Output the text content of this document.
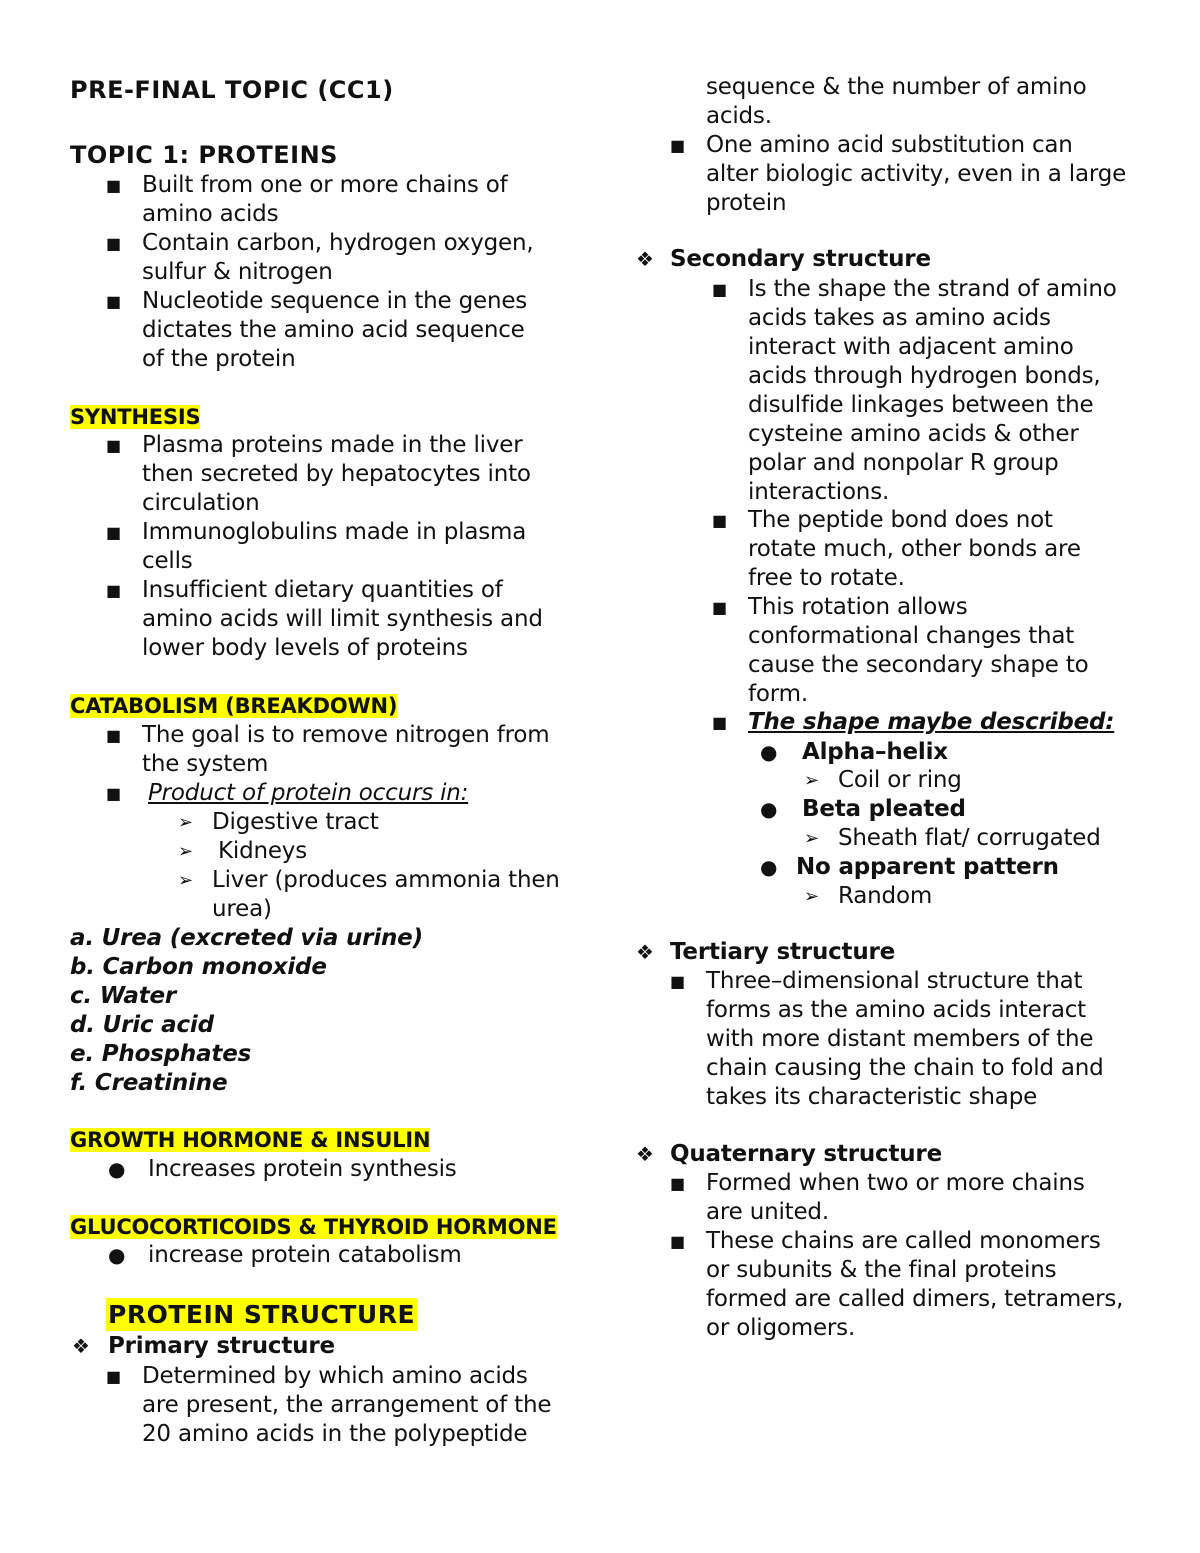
PRE-FINAL TOPIC (CC1)
TOPIC 1: PROTEINS
■ Built from one or more chains of
amino acids
■ Contain carbon, hydrogen oxygen,
sulfur & nitrogen
■ Nucleotide sequence in the genes
dictates the amino acid sequence
of the protein
SYNTHESIS
■ Plasma proteins made in the liver
then secreted by hepatocytes into
circulation
■ Immunoglobulins made in plasma
cells
■ Insufficient dietary quantities of
amino acids will limit synthesis and
lower body levels of proteins
CATABOLISM (BREAKDOWN)
■ The goal is to remove nitrogen from
the system
■ Product of protein occurs in:
➢ Digestive tract
➢ Kidneys
➢ Liver (produces ammonia then
urea)
a. Urea (excreted via urine)
b. Carbon monoxide
c. Water
d. Uric acid
e. Phosphates
f. Creatinine
GROWTH HORMONE & INSULIN
● Increases protein synthesis
GLUCOCORTICOIDS & THYROID HORMONE
● increase protein catabolism
PROTEIN STRUCTURE
❖ Primary structure
■ Determined by which amino acids
are present, the arrangement of the
20 amino acids in the polypeptide
sequence & the number of amino
acids.
■ One amino acid substitution can
alter biologic activity, even in a large
protein
❖ Secondary structure
■ Is the shape the strand of amino
acids takes as amino acids
interact with adjacent amino
acids through hydrogen bonds,
disulfide linkages between the
cysteine amino acids & other
polar and nonpolar R group
interactions.
■ The peptide bond does not
rotate much, other bonds are
free to rotate.
■ This rotation allows
conformational changes that
cause the secondary shape to
form.
■ The shape maybe described:
● Alpha–helix
➢ Coil or ring
● Beta pleated
➢ Sheath flat/ corrugated
● No apparent pattern
➢ Random
❖ Tertiary structure
■ Three–dimensional structure that
forms as the amino acids interact
with more distant members of the
chain causing the chain to fold and
takes its characteristic shape
❖ Quaternary structure
■ Formed when two or more chains
are united.
■ These chains are called monomers
or subunits & the final proteins
formed are called dimers, tetramers,
or oligomers.
